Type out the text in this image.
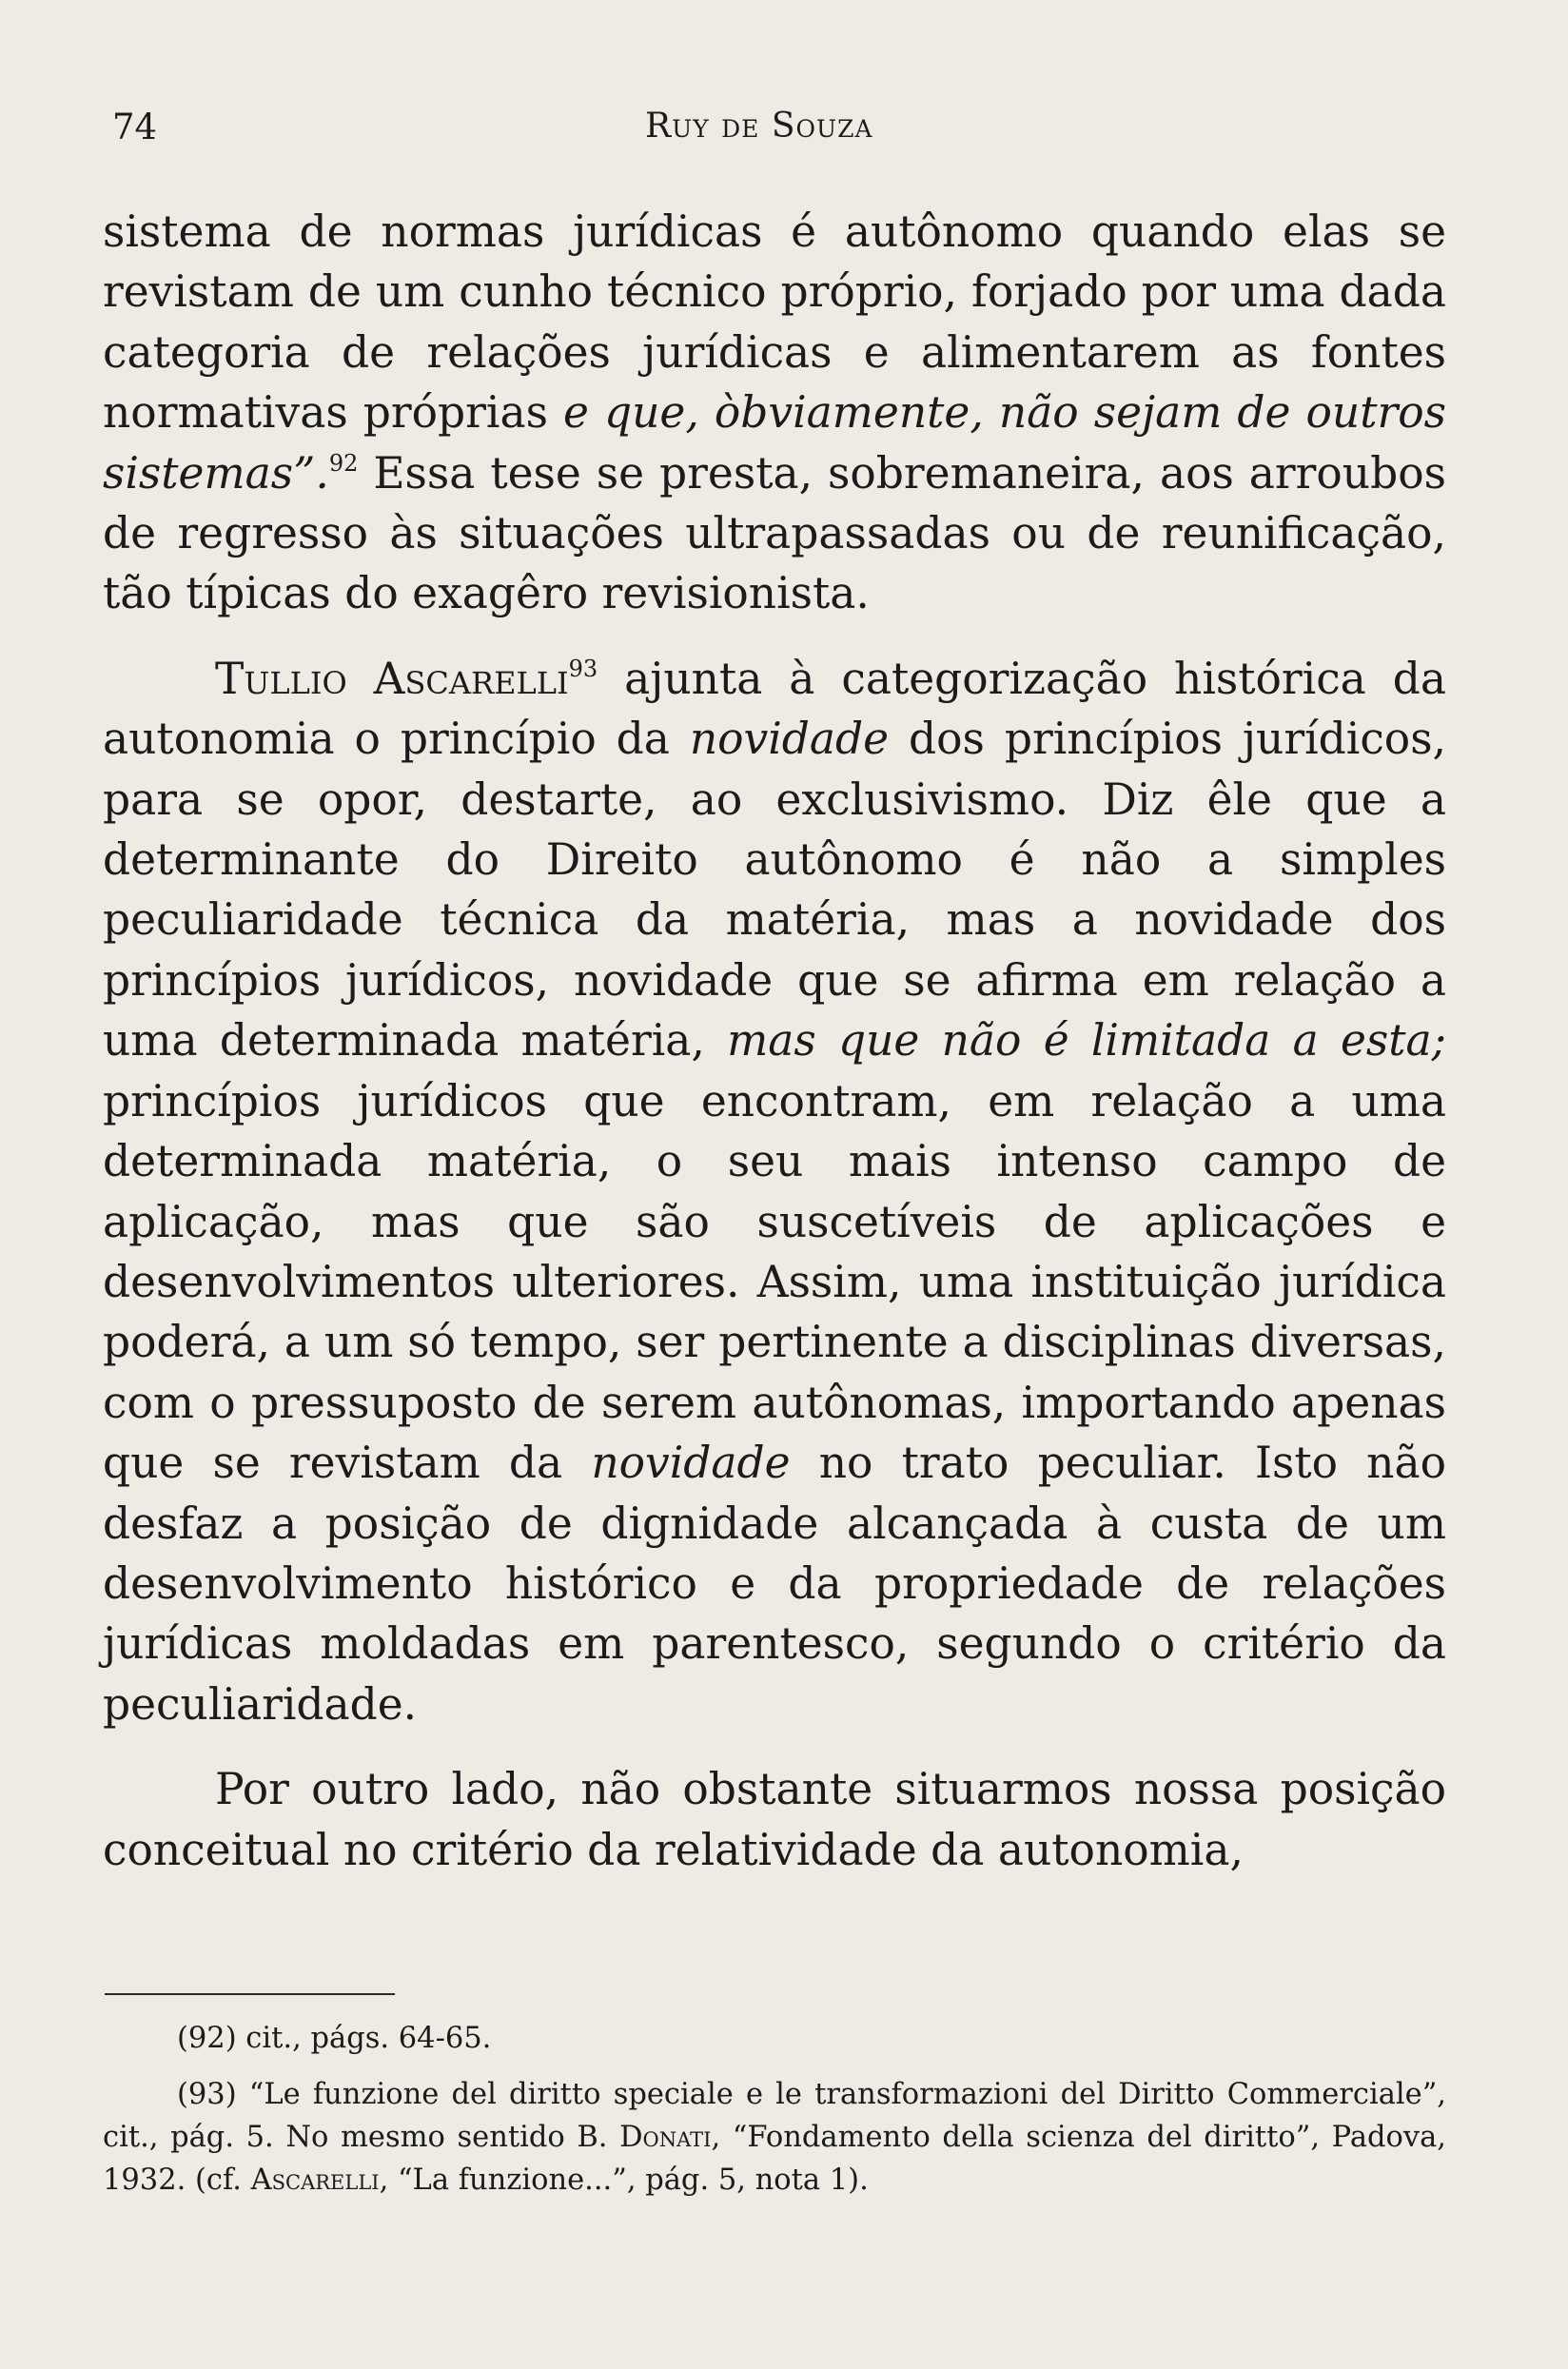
74	Ruy de Souza

sistema de normas jurídicas é autônomo quando elas se revistam de um cunho técnico próprio, forjado por uma dada categoria de relações jurídicas e alimentarem as fontes normativas próprias e que, òbviamente, não sejam de outros sistemas”.$^{92}$ Essa tese se presta, sobremaneira, aos arroubos de regresso às situações ultrapassadas ou de reunificação, tão típicas do exagêro revisionista.

Tullio Ascarelli$^{93}$ ajunta à categorização histórica da autonomia o princípio da novidade dos princípios jurídicos, para se opor, destarte, ao exclusivismo. Diz êle que a determinante do Direito autônomo é não a simples peculiaridade técnica da matéria, mas a novidade dos princípios jurídicos, novidade que se afirma em relação a uma determinada matéria, mas que não é limitada a esta; princípios jurídicos que encontram, em relação a uma determinada matéria, o seu mais intenso campo de aplicação, mas que são suscetíveis de aplicações e desenvolvimentos ulteriores. Assim, uma instituição jurídica poderá, a um só tempo, ser pertinente a disciplinas diversas, com o pressuposto de serem autônomas, importando apenas que se revistam da novidade no trato peculiar. Isto não desfaz a posição de dignidade alcançada à custa de um desenvolvimento histórico e da propriedade de relações jurídicas moldadas em parentesco, segundo o critério da peculiaridade.

Por outro lado, não obstante situarmos nossa posição conceitual no critério da relatividade da autonomia,

(92) cit., págs. 64-65.

(93) “Le funzione del diritto speciale e le transformazioni del Diritto Commerciale”, cit., pág. 5. No mesmo sentido B. Donati, “Fondamento della scienza del diritto”, Padova, 1932. (cf. Ascarelli, “La funzione...”, pág. 5, nota 1).
